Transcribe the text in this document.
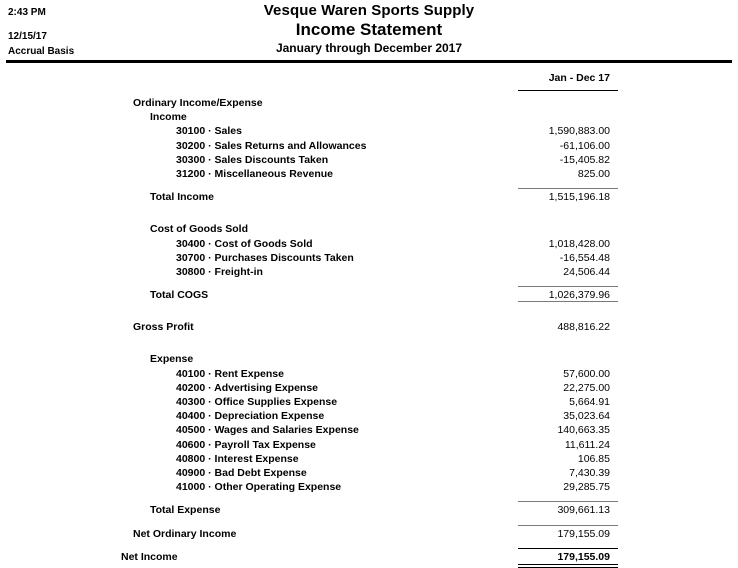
2:43 PM
12/15/17
Accrual Basis
Vesque Waren Sports Supply
Income Statement
January through December 2017
Jan - Dec 17
Ordinary Income/Expense
Income
30100 · Sales	1,590,883.00
30200 · Sales Returns and Allowances	-61,106.00
30300 · Sales Discounts Taken	-15,405.82
31200 · Miscellaneous Revenue	825.00
Total Income	1,515,196.18
Cost of Goods Sold
30400 · Cost of Goods Sold	1,018,428.00
30700 · Purchases Discounts Taken	-16,554.48
30800 · Freight-in	24,506.44
Total COGS	1,026,379.96
Gross Profit	488,816.22
Expense
40100 · Rent Expense	57,600.00
40200 · Advertising Expense	22,275.00
40300 · Office Supplies Expense	5,664.91
40400 · Depreciation Expense	35,023.64
40500 · Wages and Salaries Expense	140,663.35
40600 · Payroll Tax Expense	11,611.24
40800 · Interest Expense	106.85
40900 · Bad Debt Expense	7,430.39
41000 · Other Operating Expense	29,285.75
Total Expense	309,661.13
Net Ordinary Income	179,155.09
Net Income	179,155.09
